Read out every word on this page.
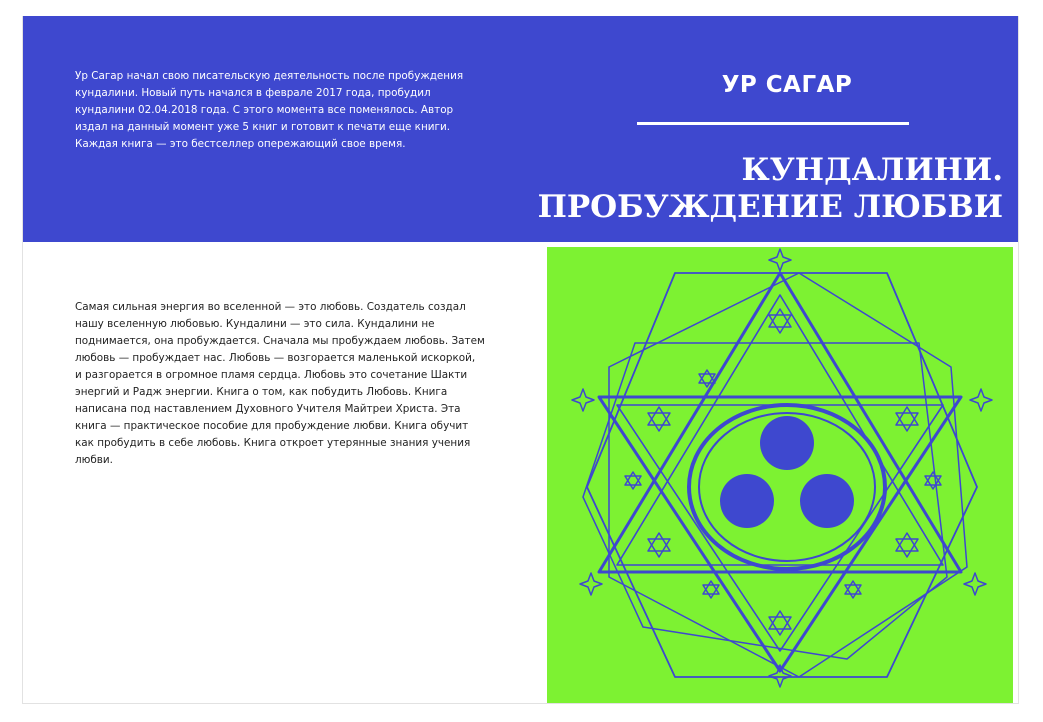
Ур Сагар начал свою писательскую деятельность после пробуждения кундалини. Новый путь начался в феврале 2017 года, пробудил кундалини 02.04.2018 года. С этого момента все поменялось. Автор издал на данный момент уже 5 книг и готовит к печати еще книги. Каждая книга — это бестселлер опережающий свое время.

УР САГАР
КУНДАЛИНИ.
ПРОБУЖДЕНИЕ ЛЮБВИ

Самая сильная энергия во вселенной — это любовь. Создатель создал нашу вселенную любовью. Кундалини — это сила. Кундалини не поднимается, она пробуждается. Сначала мы пробуждаем любовь. Затем любовь — пробуждает нас. Любовь — возгорается маленькой искоркой, и разгорается в огромное пламя сердца. Любовь это сочетание Шакти энергий и Радж энергии. Книга о том, как побудить Любовь. Книга написана под наставлением Духовного Учителя Майтреи Христа. Эта книга — практическое пособие для пробуждение любви. Книга обучит как пробудить в себе любовь. Книга откроет утерянные знания учения любви.
